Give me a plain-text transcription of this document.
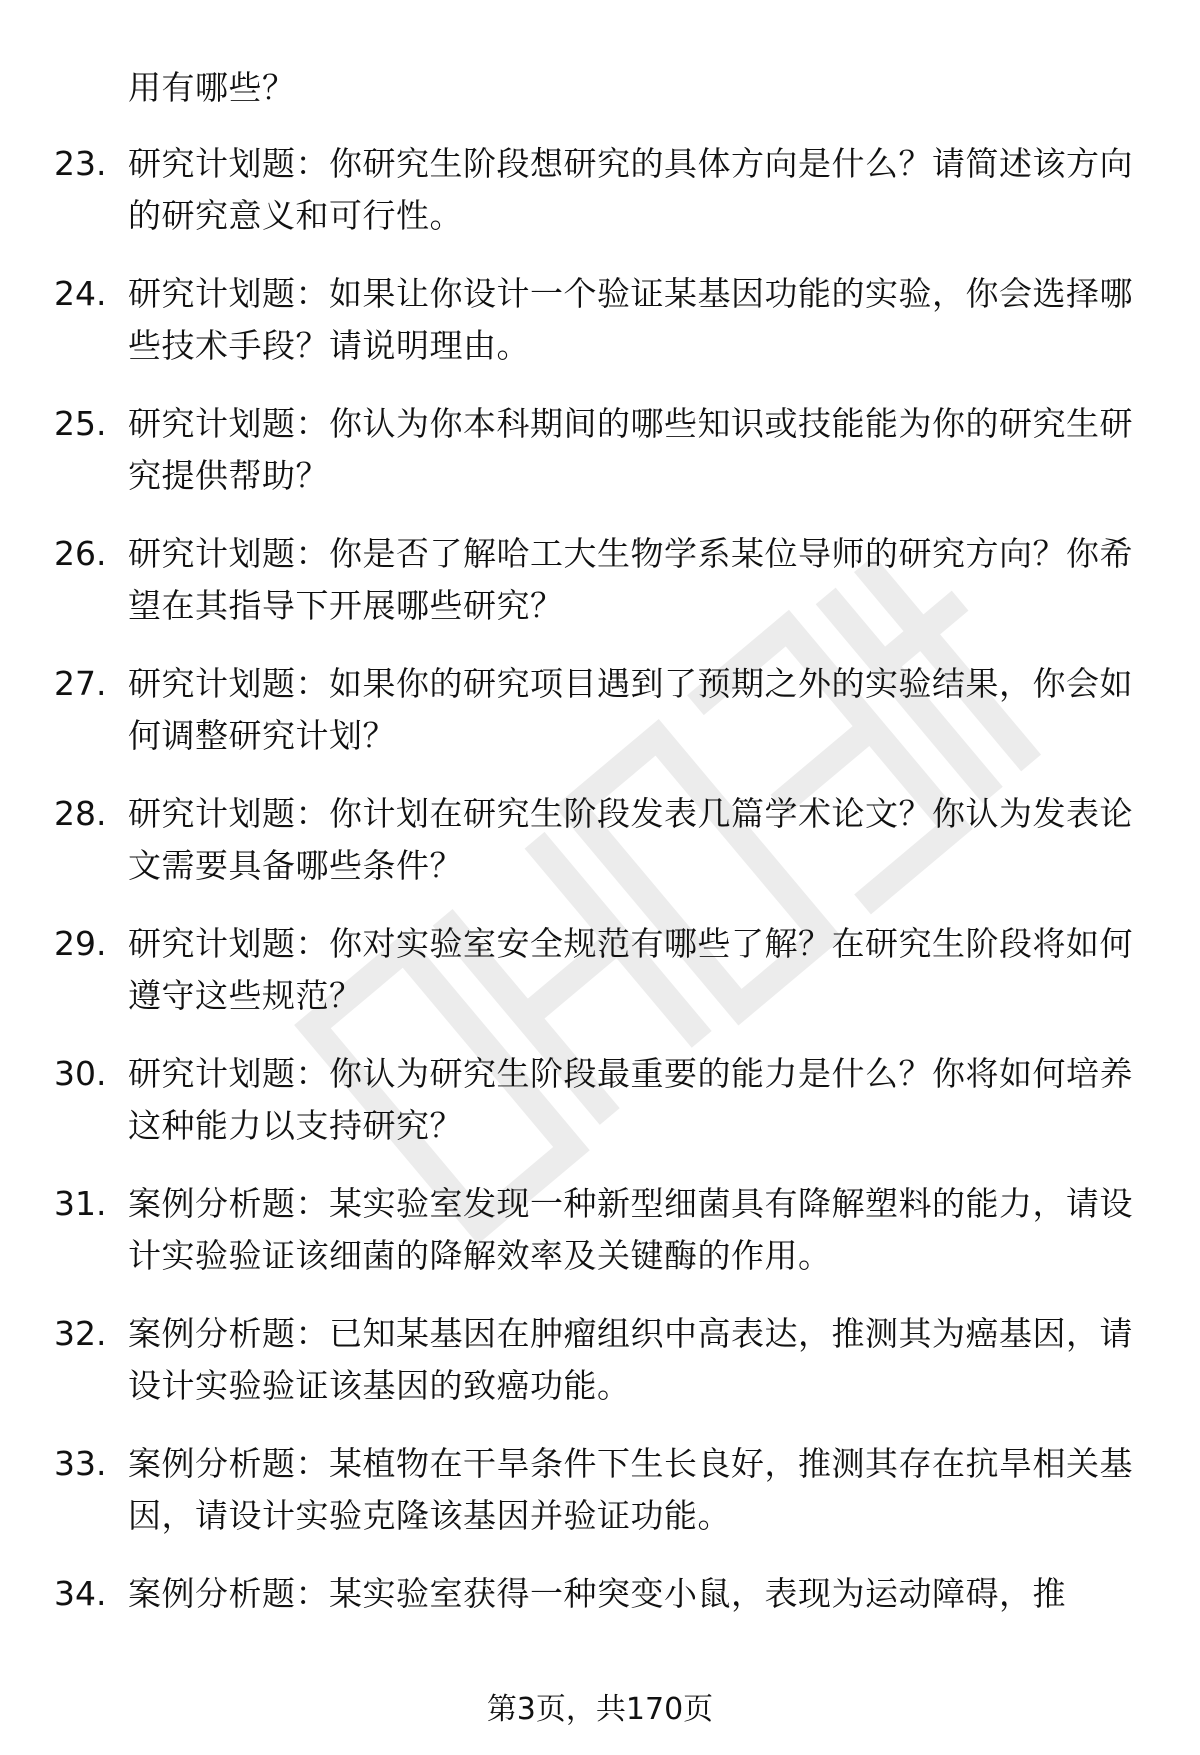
用有哪些？
23. 研究计划题：你研究生阶段想研究的具体方向是什么？请简述该方向的研究意义和可行性。
24. 研究计划题：如果让你设计一个验证某基因功能的实验，你会选择哪些技术手段？请说明理由。
25. 研究计划题：你认为你本科期间的哪些知识或技能能为你的研究生研究提供帮助？
26. 研究计划题：你是否了解哈工大生物学系某位导师的研究方向？你希望在其指导下开展哪些研究？
27. 研究计划题：如果你的研究项目遇到了预期之外的实验结果，你会如何调整研究计划？
28. 研究计划题：你计划在研究生阶段发表几篇学术论文？你认为发表论文需要具备哪些条件？
29. 研究计划题：你对实验室安全规范有哪些了解？在研究生阶段将如何遵守这些规范？
30. 研究计划题：你认为研究生阶段最重要的能力是什么？你将如何培养这种能力以支持研究？
31. 案例分析题：某实验室发现一种新型细菌具有降解塑料的能力，请设计实验验证该细菌的降解效率及关键酶的作用。
32. 案例分析题：已知某基因在肿瘤组织中高表达，推测其为癌基因，请设计实验验证该基因的致癌功能。
33. 案例分析题：某植物在干旱条件下生长良好，推测其存在抗旱相关基因，请设计实验克隆该基因并验证功能。
34. 案例分析题：某实验室获得一种突变小鼠，表现为运动障碍，推
第3页，共170页
